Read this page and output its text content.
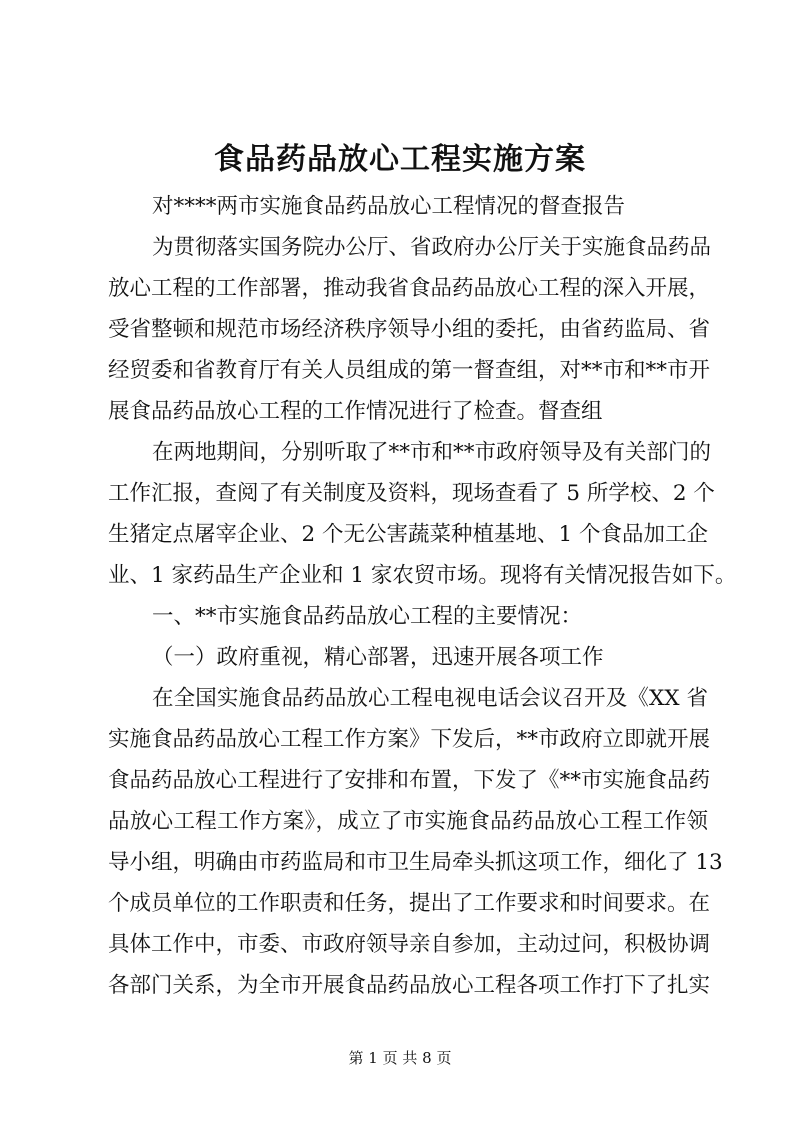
食品药品放心工程实施方案

对****两市实施食品药品放心工程情况的督查报告

为贯彻落实国务院办公厅、省政府办公厅关于实施食品药品

放心工程的工作部署，推动我省食品药品放心工程的深入开展，

受省整顿和规范市场经济秩序领导小组的委托，由省药监局、省

经贸委和省教育厅有关人员组成的第一督查组，对**市和**市开

展食品药品放心工程的工作情况进行了检查。督查组

在两地期间，分别听取了**市和**市政府领导及有关部门的

工作汇报，查阅了有关制度及资料，现场查看了 5 所学校、2 个

生猪定点屠宰企业、2 个无公害蔬菜种植基地、1 个食品加工企

业、1 家药品生产企业和 1 家农贸市场。现将有关情况报告如下。

一、**市实施食品药品放心工程的主要情况：

（一）政府重视，精心部署，迅速开展各项工作

在全国实施食品药品放心工程电视电话会议召开及《XX 省

实施食品药品放心工程工作方案》下发后，**市政府立即就开展

食品药品放心工程进行了安排和布置，下发了《**市实施食品药

品放心工程工作方案》，成立了市实施食品药品放心工程工作领

导小组，明确由市药监局和市卫生局牵头抓这项工作，细化了 13

个成员单位的工作职责和任务，提出了工作要求和时间要求。在

具体工作中，市委、市政府领导亲自参加，主动过问，积极协调

各部门关系，为全市开展食品药品放心工程各项工作打下了扎实

第 1 页 共 8 页
